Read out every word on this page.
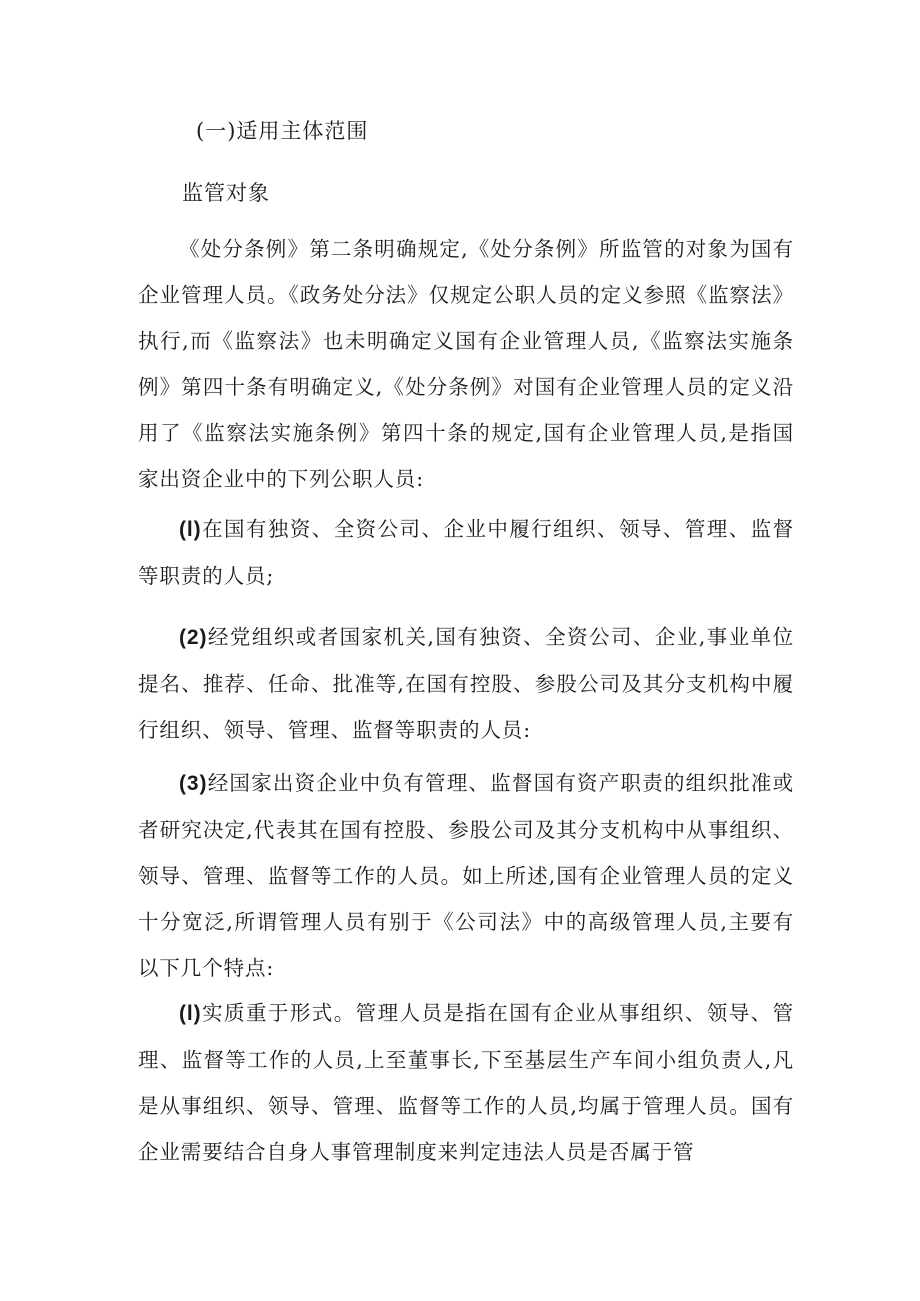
(一)适用主体范围
监管对象

《处分条例》第二条明确规定,《处分条例》所监管的对象为国有企业管理人员。《政务处分法》仅规定公职人员的定义参照《监察法》执行,而《监察法》也未明确定义国有企业管理人员,《监察法实施条例》第四十条有明确定义,《处分条例》对国有企业管理人员的定义沿用了《监察法实施条例》第四十条的规定,国有企业管理人员,是指国家出资企业中的下列公职人员:

(l)在国有独资、全资公司、企业中履行组织、领导、管理、监督等职责的人员;

(2)经党组织或者国家机关,国有独资、全资公司、企业,事业单位提名、推荐、任命、批准等,在国有控股、参股公司及其分支机构中履行组织、领导、管理、监督等职责的人员:

(3)经国家出资企业中负有管理、监督国有资产职责的组织批准或者研究决定,代表其在国有控股、参股公司及其分支机构中从事组织、领导、管理、监督等工作的人员。如上所述,国有企业管理人员的定义十分宽泛,所谓管理人员有别于《公司法》中的高级管理人员,主要有以下几个特点:

(l)实质重于形式。管理人员是指在国有企业从事组织、领导、管理、监督等工作的人员,上至董事长,下至基层生产车间小组负责人,凡是从事组织、领导、管理、监督等工作的人员,均属于管理人员。国有企业需要结合自身人事管理制度来判定违法人员是否属于管
